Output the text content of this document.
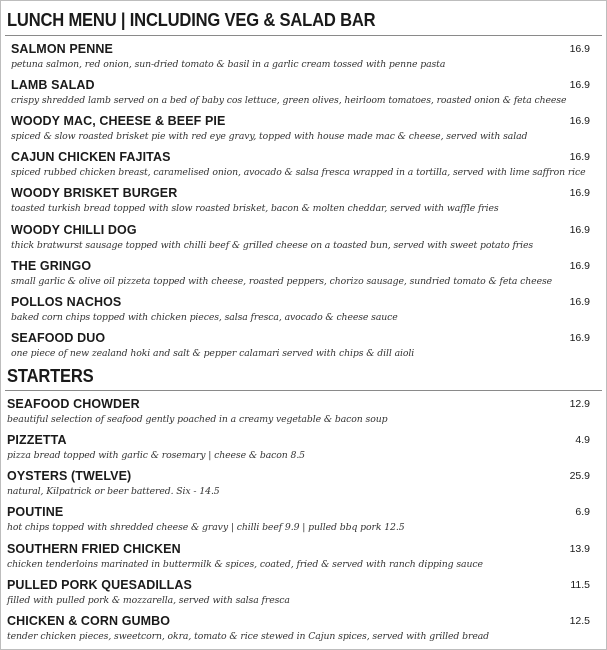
LUNCH MENU | INCLUDING VEG & SALAD BAR
SALMON PENNE
petuna salmon, red onion, sun-dried tomato & basil in a garlic cream tossed with penne pasta
16.9
LAMB SALAD
crispy shredded lamb served on a bed of baby cos lettuce, green olives, heirloom tomatoes, roasted onion & feta cheese
16.9
WOODY MAC, CHEESE & BEEF PIE
spiced & slow roasted brisket pie with red eye gravy, topped with house made mac & cheese, served with salad
16.9
CAJUN CHICKEN FAJITAS
spiced rubbed chicken breast, caramelised onion, avocado & salsa fresca wrapped in a tortilla, served with lime saffron rice
16.9
WOODY BRISKET BURGER
toasted turkish bread topped with slow roasted brisket, bacon & molten cheddar, served with waffle fries
16.9
WOODY CHILLI DOG
thick bratwurst sausage topped with chilli beef & grilled cheese on a toasted bun, served with sweet potato fries
16.9
THE GRINGO
small garlic & olive oil pizzeta topped with cheese, roasted peppers, chorizo sausage, sundried tomato & feta cheese
16.9
POLLOS NACHOS
baked corn chips topped with chicken pieces, salsa fresca, avocado & cheese sauce
16.9
SEAFOOD DUO
one piece of new zealand hoki and salt & pepper calamari served with chips & dill aioli
16.9
STARTERS
SEAFOOD CHOWDER
beautiful selection of seafood gently poached in a creamy vegetable & bacon soup
12.9
PIZZETTA
pizza bread topped with garlic & rosemary | cheese & bacon 8.5
4.9
OYSTERS (TWELVE)
natural, Kilpatrick or beer battered. Six - 14.5
25.9
POUTINE
hot chips topped with shredded cheese & gravy | chilli beef 9.9 | pulled bbq pork 12.5
6.9
SOUTHERN FRIED CHICKEN
chicken tenderloins marinated in buttermilk & spices, coated, fried & served with ranch dipping sauce
13.9
PULLED PORK QUESADILLAS
filled with pulled pork & mozzarella, served with salsa fresca
11.5
CHICKEN & CORN GUMBO
tender chicken pieces, sweetcorn, okra, tomato & rice stewed in Cajun spices, served with grilled bread
12.5
